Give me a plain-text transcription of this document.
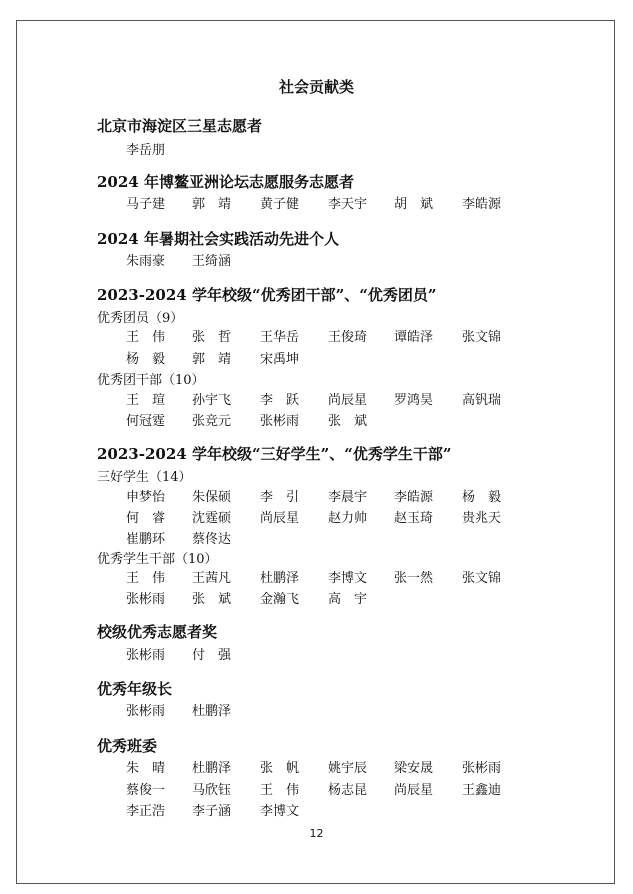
社会贡献类
北京市海淀区三星志愿者
李岳朋
2024 年博鳌亚洲论坛志愿服务志愿者
马子建 郭　靖 黄子健 李天宇 胡　斌 李皓源
2024 年暑期社会实践活动先进个人
朱雨豪 王绮涵
2023-2024 学年校级“优秀团干部”、“优秀团员”
优秀团员（9）
王　伟 张　哲 王华岳 王俊琦 谭皓泽 张文锦
杨　毅 郭　靖 宋禹坤
优秀团干部（10）
王　瑄 孙宇飞 李　跃 尚辰星 罗鸿昊 高钒瑞
何冠霆 张竞元 张彬雨 张　斌
2023-2024 学年校级“三好学生”、“优秀学生干部”
三好学生（14）
申梦怡 朱保硕 李　引 李晨宇 李皓源 杨　毅
何　睿 沈霆硕 尚辰星 赵力帅 赵玉琦 贵兆天
崔鹏环 蔡佟达
优秀学生干部（10）
王　伟 王茜凡 杜鹏泽 李博文 张一然 张文锦
张彬雨 张　斌 金瀚飞 高　宇
校级优秀志愿者奖
张彬雨 付　强
优秀年级长
张彬雨 杜鹏泽
优秀班委
朱　晴 杜鹏泽 张　帆 姚宇辰 梁安晟 张彬雨
蔡俊一 马欣钰 王　伟 杨志昆 尚辰星 王鑫迪
李正浩 李子涵 李博文
12
